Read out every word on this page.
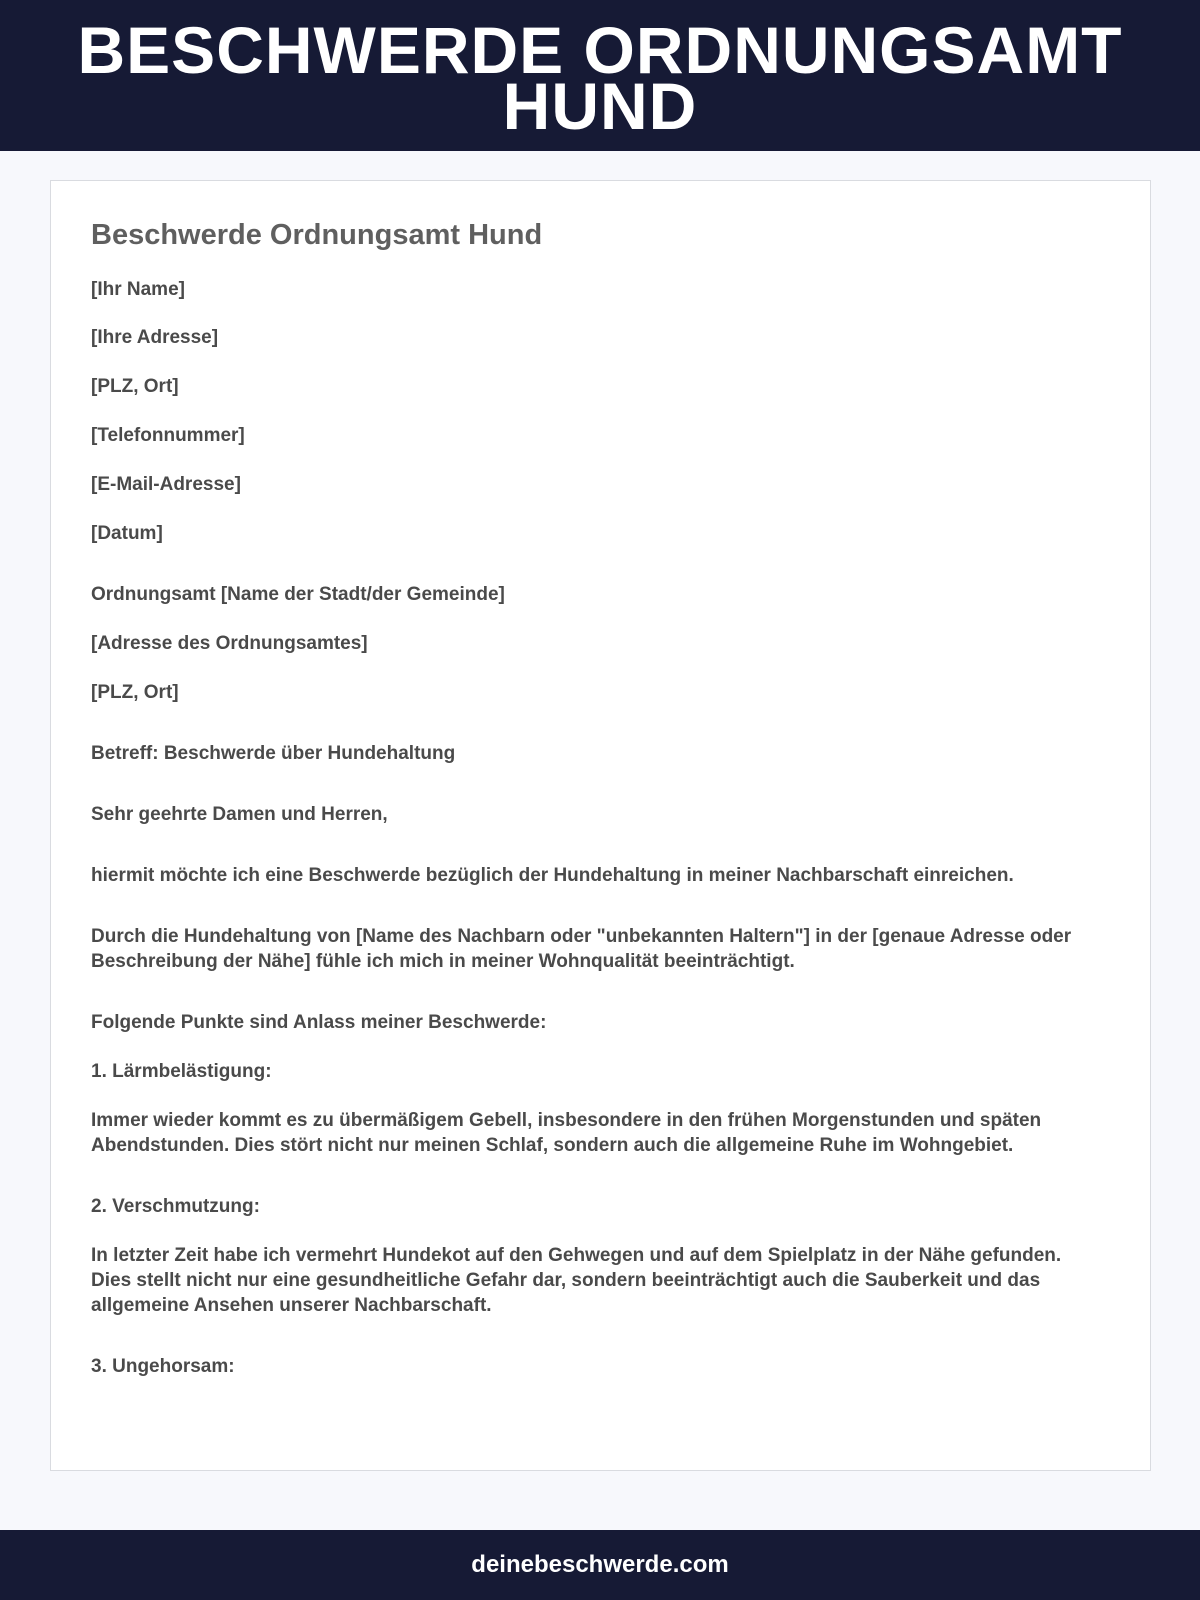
BESCHWERDE ORDNUNGSAMT HUND
Beschwerde Ordnungsamt Hund
[Ihr Name]
[Ihre Adresse]
[PLZ, Ort]
[Telefonnummer]
[E-Mail-Adresse]
[Datum]
Ordnungsamt [Name der Stadt/der Gemeinde]
[Adresse des Ordnungsamtes]
[PLZ, Ort]
Betreff: Beschwerde über Hundehaltung
Sehr geehrte Damen und Herren,
hiermit möchte ich eine Beschwerde bezüglich der Hundehaltung in meiner Nachbarschaft einreichen.
Durch die Hundehaltung von [Name des Nachbarn oder "unbekannten Haltern"] in der [genaue Adresse oder Beschreibung der Nähe] fühle ich mich in meiner Wohnqualität beeinträchtigt.
Folgende Punkte sind Anlass meiner Beschwerde:
1. Lärmbelästigung:
Immer wieder kommt es zu übermäßigem Gebell, insbesondere in den frühen Morgenstunden und späten Abendstunden. Dies stört nicht nur meinen Schlaf, sondern auch die allgemeine Ruhe im Wohngebiet.
2. Verschmutzung:
In letzter Zeit habe ich vermehrt Hundekot auf den Gehwegen und auf dem Spielplatz in der Nähe gefunden. Dies stellt nicht nur eine gesundheitliche Gefahr dar, sondern beeinträchtigt auch die Sauberkeit und das allgemeine Ansehen unserer Nachbarschaft.
3. Ungehorsam:
deinebeschwerde.com
